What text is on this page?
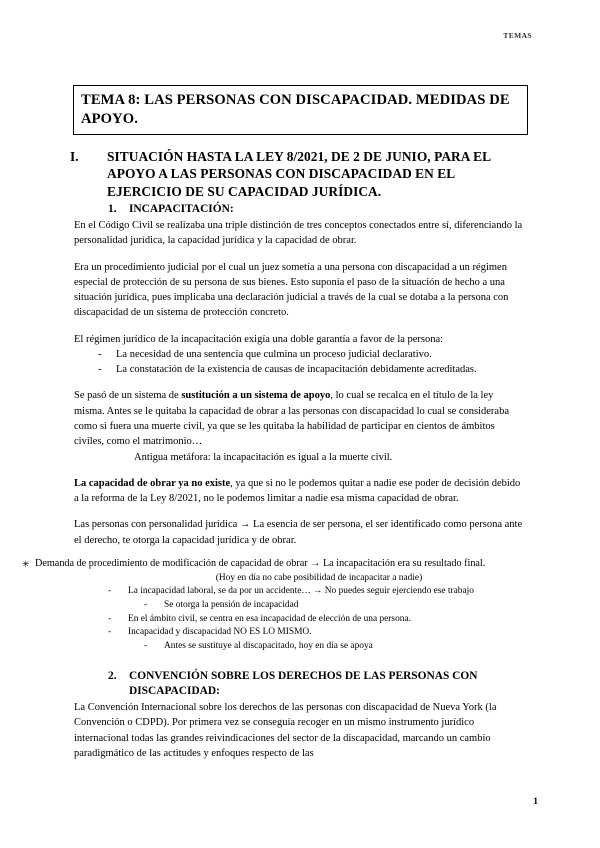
TEMAS
TEMA 8: LAS PERSONAS CON DISCAPACIDAD. MEDIDAS DE APOYO.
I.	SITUACIÓN HASTA LA LEY 8/2021, DE 2 DE JUNIO, PARA EL APOYO A LAS PERSONAS CON DISCAPACIDAD EN EL EJERCICIO DE SU CAPACIDAD JURÍDICA.
1.	INCAPACITACIÓN:
En el Código Civil se realizaba una triple distinción de tres conceptos conectados entre sí, diferenciando la personalidad jurídica, la capacidad jurídica y la capacidad de obrar.
Era un procedimiento judicial por el cual un juez sometía a una persona con discapacidad a un régimen especial de protección de su persona de sus bienes. Esto suponía el paso de la situación de hecho a una situación jurídica, pues implicaba una declaración judicial a través de la cual se dotaba a la persona con discapacidad de un sistema de protección concreto.
El régimen jurídico de la incapacitación exigía una doble garantía a favor de la persona:
-	La necesidad de una sentencia que culmina un proceso judicial declarativo.
-	La constatación de la existencia de causas de incapacitación debidamente acreditadas.
Se pasó de un sistema de sustitución a un sistema de apoyo, lo cual se recalca en el título de la ley misma. Antes se le quitaba la capacidad de obrar a las personas con discapacidad lo cual se consideraba como si fuera una muerte civil, ya que se les quitaba la habilidad de participar en cientos de ámbitos civiles, como el matrimonio…
Antigua metáfora: la incapacitación es igual a la muerte civil.
La capacidad de obrar ya no existe, ya que si no le podemos quitar a nadie ese poder de decisión debido a la reforma de la Ley 8/2021, no le podemos limitar a nadie esa misma capacidad de obrar.
Las personas con personalidad jurídica → La esencia de ser persona, el ser identificado como persona ante el derecho, te otorga la capacidad jurídica y de obrar.
✳ Demanda de procedimiento de modificación de capacidad de obrar → La incapacitación era su resultado final.
(Hoy en día no cabe posibilidad de incapacitar a nadie)
-	La incapacidad laboral, se da por un accidente… → No puedes seguir ejerciendo ese trabajo
-	Se otorga la pensión de incapacidad
-	En el ámbito civil, se centra en esa incapacidad de elección de una persona.
-	Incapacidad y discapacidad NO ES LO MISMO.
-	Antes se sustituye al discapacitado, hoy en día se apoya
2.	CONVENCIÓN SOBRE LOS DERECHOS DE LAS PERSONAS CON DISCAPACIDAD:
La Convención Internacional sobre los derechos de las personas con discapacidad de Nueva York (la Convención o CDPD). Por primera vez se conseguía recoger en un mismo instrumento jurídico internacional todas las grandes reivindicaciones del sector de la discapacidad, marcando un cambio paradigmático de las actitudes y enfoques respecto de las
1
